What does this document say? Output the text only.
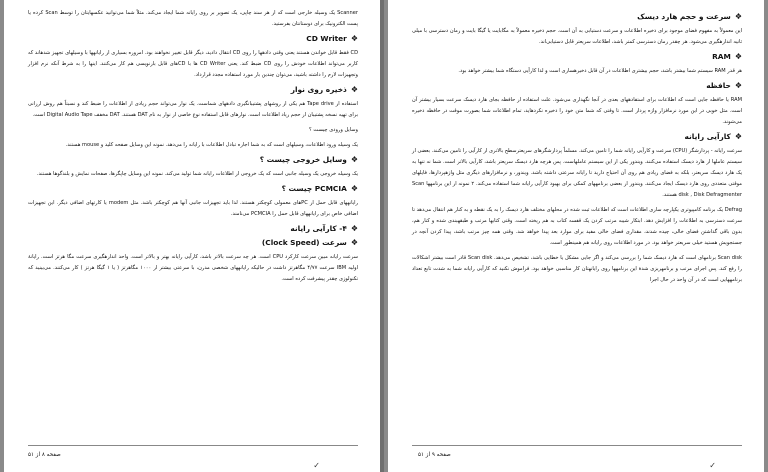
Scanner یک وسیله خارجی است که از هر سند چاپی، یک تصویر بر روی رایانه شما ایجاد می‌کند. مثلاً شما می‌توانید عکسهایتان را توسط Scan کرده یا پست الکترونیک برای دوستانتان بفرستید.

❖
CD Writer

CD فقط قابل خواندن هستند یعنی وقتی دادهها را روی CD انتقال دادید، دیگر قابل تغییر نخواهند بود. امروزه بسیاری از رایانهها با وسیلهای تجهیز شدهاند که کاربر می‌تواند اطلاعات خودش را روی CD ضبط کند. یعنی CD Writer ها با CDهای قابل بازنویسی هم کار می‌کنند. اینها را به شرط آنکه نرم افزار وتجهیزات لازم را داشته باشید، می‌توان چندین بار مورد استفاده مجدد قرارداد.

❖
ذخیره روی نوار

استفاده از Tape drive هم یکی از روشهای پشتیبانگیری دادههای شماست. یک نوار می‌تواند حجم زیادی از اطلاعات را ضبط کند و نسبتاً هم روش ارزانی برای تهیه نسخه پشتیبان از حجم زیاد اطلاعات است. نوارهای قابل استفاده نوع خاصی از نوار به نام DAT هستند. DAT مخفف Digital Audio Tape است.

وسایل ورودی چیست ؟

یک وسیله ورود اطلاعات، وسیلهای است که به شما اجازه تبادل اطلاعات با رایانه را می‌دهد. نمونه این وسایل صفحه کلید و mouse هستند.

❖
وسایل خروجی چیست ؟

یک وسیله خروجی یک وسیله جانبی است که یک خروجی از اطلاعات رایانه شما تولید می‌کند. نمونه این وسایل چاپگرها، صفحات نمایش و بلندگوها هستند.

❖
PCMCIA چیست ؟

رایانههای قابل حمل از PCهای معمولی کوچکتر هستند. لذا باید تجهیزات جانبی آنها هم کوچکتر باشد. مثل modem یا کارتهای اضافی دیگر. این تجهیزات اضافی خاص برای رایانههای قابل حمل را PCMCIA می‌نامند.

❖
۴- کارآیی رایانه
❖
سرعت (Clock Speed)

سرعت رایانه مبین سرعت کارکرد CPU است. هر چه سرعت بالاتر باشد، کارآیی رایانه بهتر و بالاتر است. واحد اندازهگیری سرعت مگا هرتز است. رایانهٔ اولیه IBM سرعت ۴/۷۷ مگاهرتز داشت در حالیکه رایانههای شخصی مدرن، با سرعتی بیشتر از ۱۰۰۰ مگاهرتز ( یا ۱ گیگا هرتز ) کار می‌کنند. می‌بینید که تکنولوژی چقدر پیشرفت کرده است.

صفحه ۸ از ۵۱
✓
❖
سرعت و حجم هارد دیسک

این معمولاً به مفهوم فضای موجود برای ذخیره اطلاعات و سرعت دستیابی به آن است. حجم ذخیره معمولاً به مگابایت یا گیگا بایت و زمان دسترسی با میلی ثانیه اندازهگیری می‌شود. هر چقدر زمان دسترسی کمتر باشد، اطلاعات سریعتر قابل دستیابی‌اند.

❖
RAM

هر قدر RAM سیستم شما بیشتر باشد، حجم بیشتری اطلاعات در آن قابل ذخیرهسازی است و لذا کارآیی دستگاه شما بیشتر خواهد بود.

❖
حافظه

RAM یا حافظه جایی است که اطلاعات برای استفادههای بعدی در آنجا نگهداری می‌شود. علت استفاده از حافظه بجای هارد دیسک سرعت بسیار بیشتر آن است. مثل خوبی در این مورد نرمافزار واژه پرداز است. تا وقتی که شما متن خود را ذخیره نکردهاید، تمام اطلاعات شما بصورت موقت در حافظه ذخیره می‌شوند.

❖
کارآیی رایانه

سرعت رایانه - پردازشگر (CPU) سرعت و کارآیی رایانه شما را تامین می‌کند. مسلماً پردازشگرهای سریعترسطح بالاتری از کارآیی را تامین می‌کنند. بعضی از سیستم عاملها از هارد دیسک استفاده می‌کنند. ویندوز یکی از این سیستم عاملهاست. پس هرچه هارد دیسک سریعتر باشد، کارآیی بالاتر است. شما نه تنها به یک هارد دیسک سریعتر، بلکه به فضای زیادی هم روی آن احتیاج دارید تا رایانه سرعتی داشته باشد. ویندوز، و نرمافزارهای دیگری مثل واژهپردازها، فایلهای موقتی متعددی روی هارد دیسک ایجاد می‌کنند. ویندوز از بعضی برنامههای کمکی برای بهبود کارآیی رایانه شما استفاده می‌کند. ۲ نمونه از این برنامهها Scan disk , Disk Defragmenter هستند.

Defrag یک برنامه کامپیوتری یکپارچه سازی اطلاعات است که اطلاعات ثبت شده در محلهای مختلف هارد دیسک را به یک نقطه و به کنار هم انتقال می‌دهد تا سرعت دسترسی به اطلاعات را افزایش دهد. ابتکار شیبه مرتب کردن یک قفسه کتاب به هم ریخته است. وقتی کتابها مرتب و طبقهبندی شده و کنار هم، بدون باقی گذاشتن فضای خالی، چیده شدند، مقداری فضای خالی مفید برای موارد بعد پیدا خواهد شد. وقتی همه چیز مرتب باشد، پیدا کردن آنچه در جستجویش هستید خیلی سریعتر خواهد بود. در مورد اطلاعات روی رایانه هم همینطور است.

Scan disk برنامهای است که هارد دیسک شما را بررسی می‌کند و اگر جایی مشکل یا خطایی باشد، تشخیص می‌دهد. Scan disk قادر است بیشتر اشکالات را رفع کند. پس اجرای مرتب و برنامهریزی شدهٔ این برنامهها روی رایانهتان کار مناسبی خواهد بود. فراموش نکنید که کارآیی رایانه شما به شدت تابع تعداد برنامههایی است که در آن واحد در حال اجرا

صفحه ۹ از ۵۱
✓
